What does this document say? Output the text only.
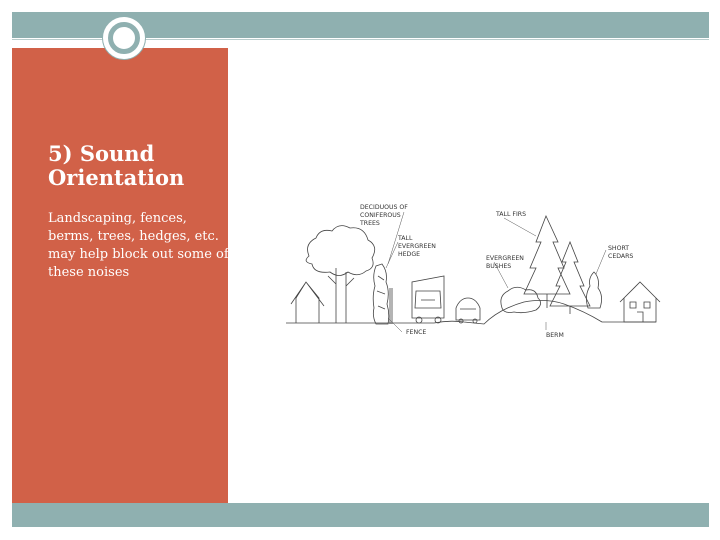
5) Sound Orientation
Landscaping, fences, berms, trees, hedges, etc. may help block out some of these noises
DECIDUOUS OF
CONIFEROUS
TREES
TALL FIRS
TALL
EVERGREEN
HEDGE
EVERGREEN
BUSHES
SHORT
CEDARS
BERM
FENCE
